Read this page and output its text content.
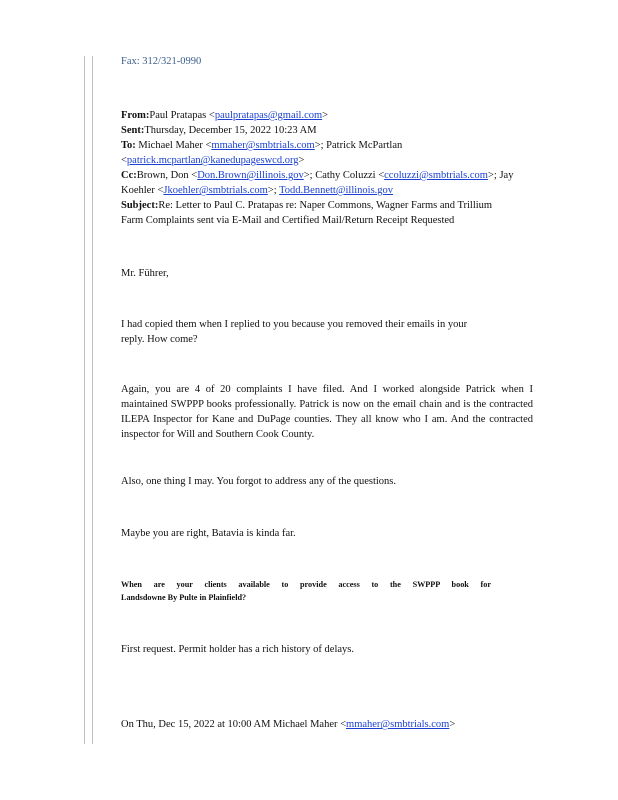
Fax: 312/321-0990
From:Paul Pratapas <paulpratapas@gmail.com>
Sent:Thursday, December 15, 2022 10:23 AM
To: Michael Maher <mmaher@smbtrials.com>; Patrick McPartlan
<patrick.mcpartlan@kanedupageswcd.org>
Cc:Brown, Don <Don.Brown@illinois.gov>; Cathy Coluzzi <ccoluzzi@smbtrials.com>; Jay
Koehler <Jkoehler@smbtrials.com>; Todd.Bennett@illinois.gov
Subject:Re: Letter to Paul C. Pratapas re: Naper Commons, Wagner Farms and Trillium
Farm Complaints sent via E-Mail and Certified Mail/Return Receipt Requested
Mr. Führer,
I had copied them when I replied to you because you removed their emails in your
reply. How come?
Again, you are 4 of 20 complaints I have filed. And I worked alongside Patrick when I maintained SWPPP books professionally. Patrick is now on the email chain and is the contracted ILEPA Inspector for Kane and DuPage counties. They all know who I am. And the contracted inspector for Will and Southern Cook County.
Also, one thing I may. You forgot to address any of the questions.
Maybe you are right, Batavia is kinda far.
When are your clients available to provide access to the SWPPP book for
Landsdowne By Pulte in Plainfield?
First request. Permit holder has a rich history of delays.
On Thu, Dec 15, 2022 at 10:00 AM Michael Maher <mmaher@smbtrials.com>
